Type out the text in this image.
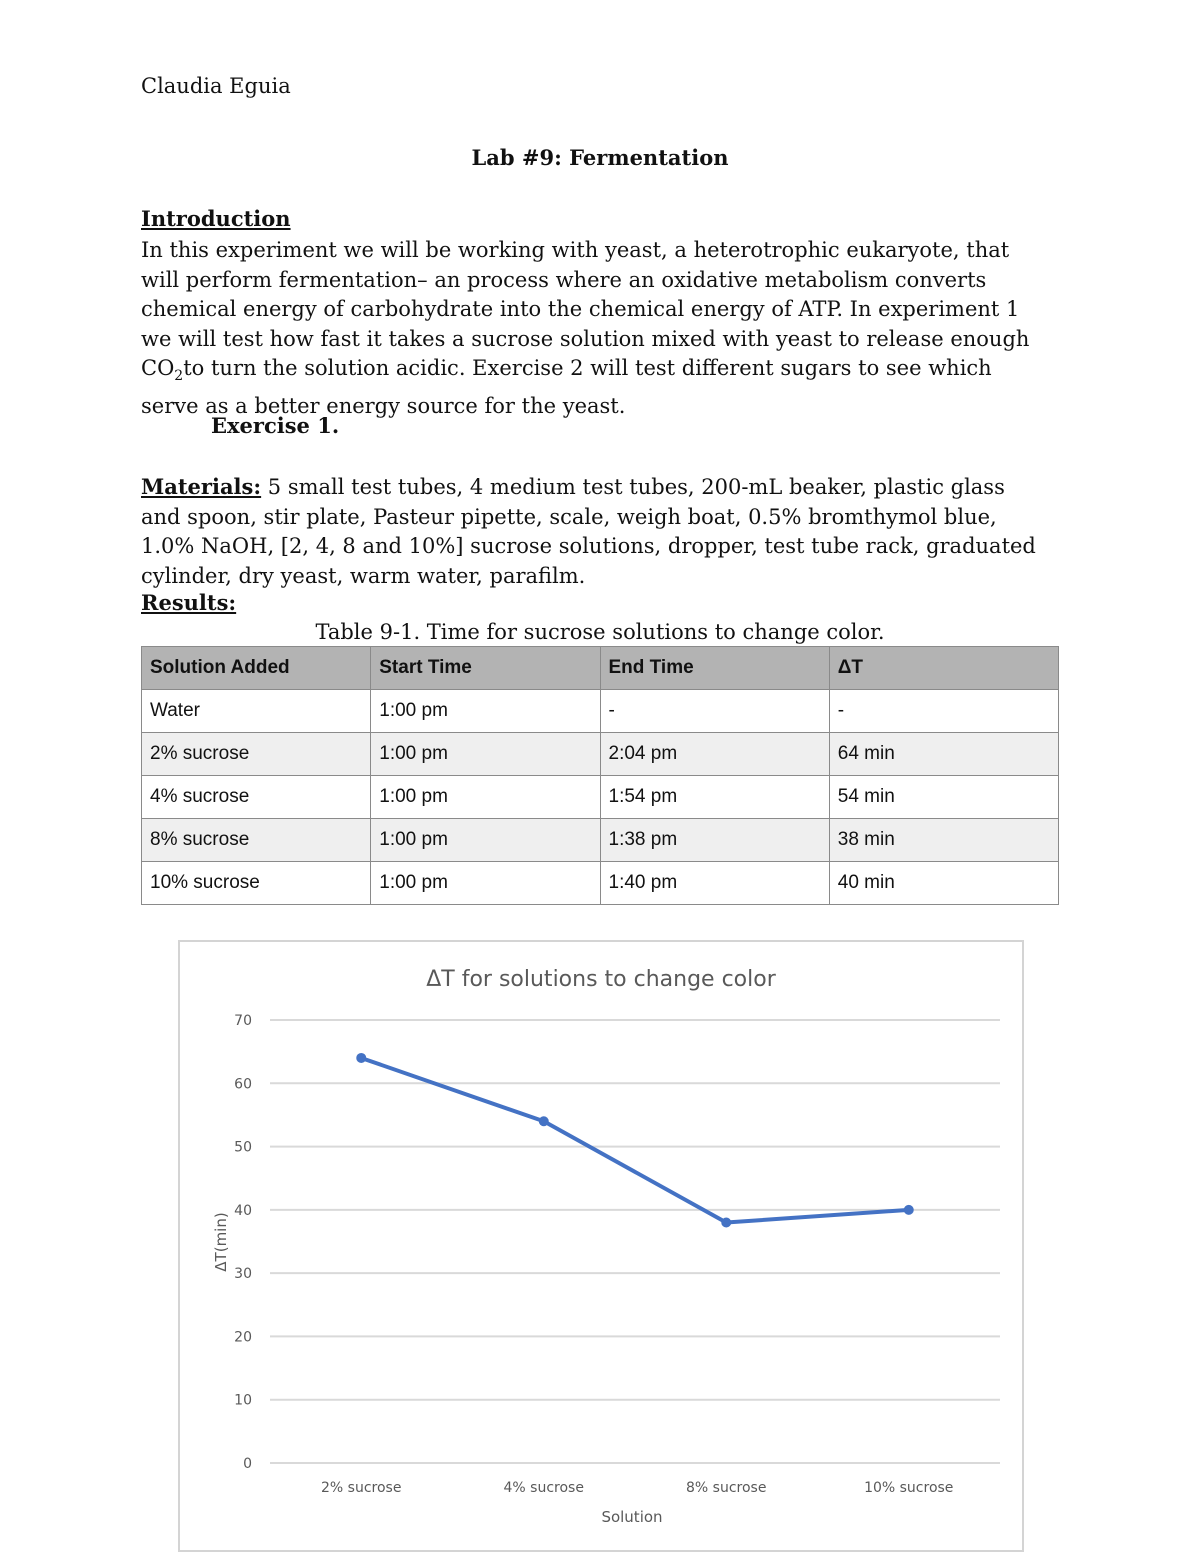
Claudia Eguia
Lab #9: Fermentation
Introduction
In this experiment we will be working with yeast, a heterotrophic eukaryote, that will perform fermentation– an process where an oxidative metabolism converts chemical energy of carbohydrate into the chemical energy of ATP. In experiment 1 we will test how fast it takes a sucrose solution mixed with yeast to release enough $CO_2to$ turn the solution acidic. Exercise 2 will test different sugars to see which serve as a better energy source for the yeast.
Exercise 1.
Materials: 5 small test tubes, 4 medium test tubes, 200-mL beaker, plastic glass and spoon, stir plate, Pasteur pipette, scale, weigh boat, 0.5% bromthymol blue, 1.0% NaOH, [2, 4, 8 and 10%] sucrose solutions, dropper, test tube rack, graduated cylinder, dry yeast, warm water, parafilm.
Results:
Table 9-1. Time for sucrose solutions to change color.
Solution Added	Start Time	End Time	ΔT
Water	1:00 pm	-	-
2% sucrose	1:00 pm	2:04 pm	64 min
4% sucrose	1:00 pm	1:54 pm	54 min
8% sucrose	1:00 pm	1:38 pm	38 min
10% sucrose	1:00 pm	1:40 pm	40 min
ΔT for solutions to change color
0
10
20
30
40
50
60
70
2% sucrose	4% sucrose	8% sucrose	10% sucrose
Solution
ΔT(min)
